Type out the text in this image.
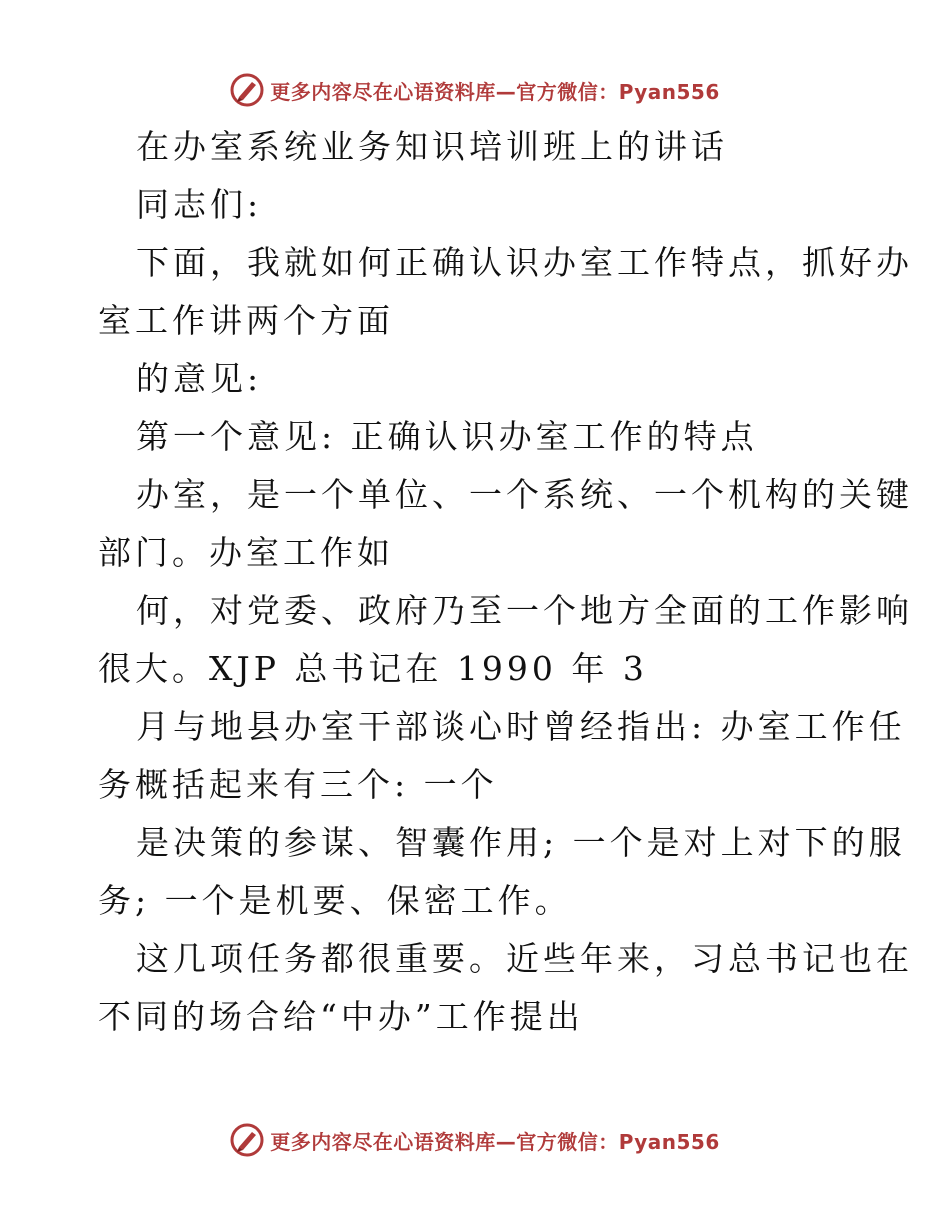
更多内容尽在心语资料库—官方微信：Pyan556
在办室系统业务知识培训班上的讲话
同志们:
下面，我就如何正确认识办室工作特点，抓好办
室工作讲两个方面
的意见:
第一个意见: 正确认识办室工作的特点
办室，是一个单位、一个系统、一个机构的关键
部门。办室工作如
何，对党委、政府乃至一个地方全面的工作影响
很大。XJP 总书记在 1990 年 3
月与地县办室干部谈心时曾经指出: 办室工作任
务概括起来有三个: 一个
是决策的参谋、智囊作用; 一个是对上对下的服
务; 一个是机要、保密工作。
这几项任务都很重要。近些年来，习总书记也在
不同的场合给“中办”工作提出
更多内容尽在心语资料库—官方微信：Pyan556
